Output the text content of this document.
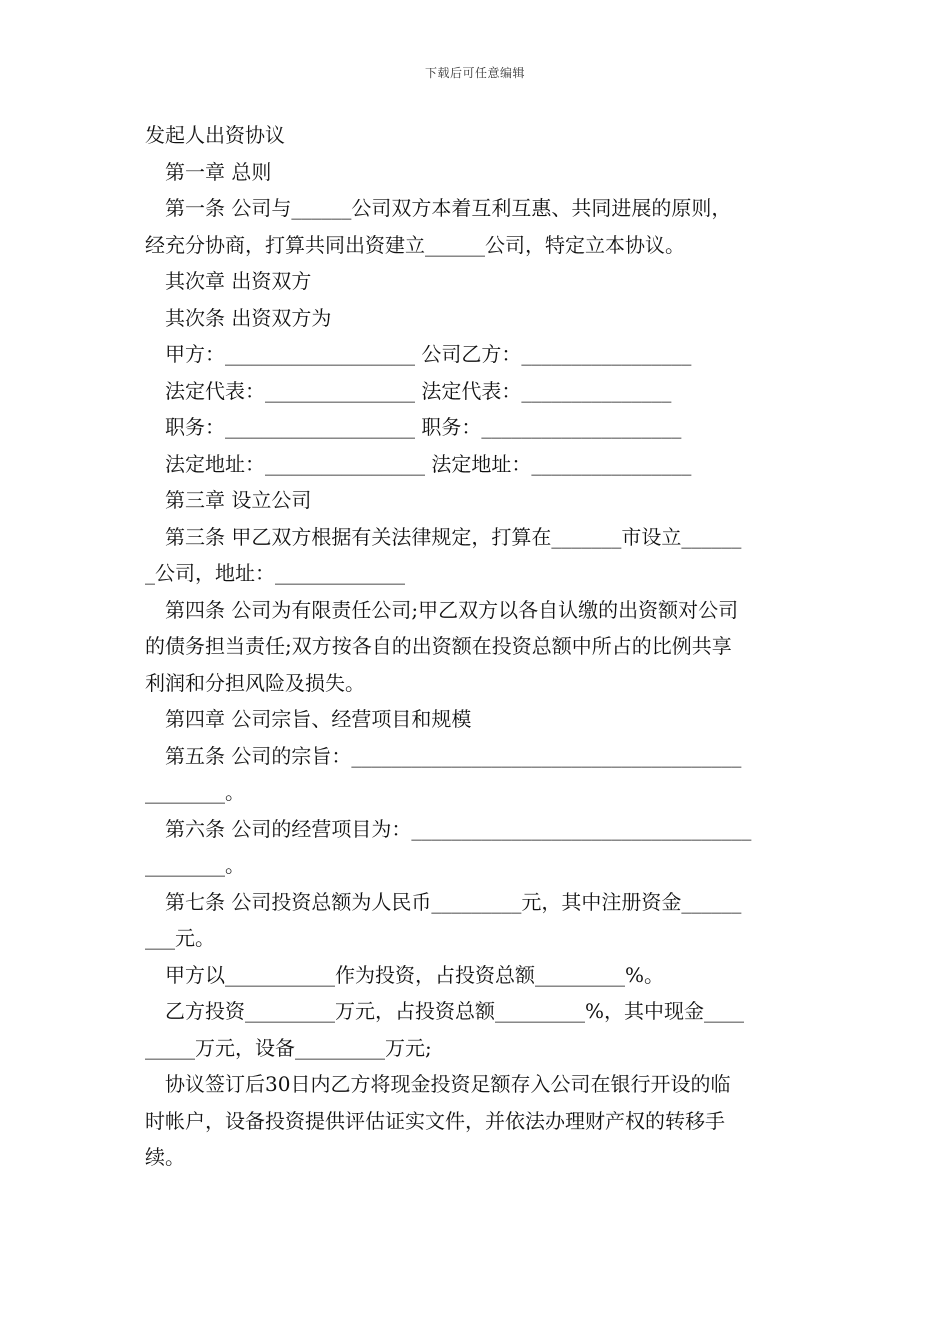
下载后可任意编辑
发起人出资协议
第一章 总则
第一条 公司与______公司双方本着互利互惠、共同进展的原则，
经充分协商，打算共同出资建立______公司，特定立本协议。
其次章 出资双方
其次条 出资双方为
甲方：___________________ 公司乙方：_________________
法定代表：_______________ 法定代表：_______________
职务：___________________ 职务：____________________
法定地址：________________ 法定地址：________________
第三章 设立公司
第三条 甲乙双方根据有关法律规定，打算在_______市设立______
_公司，地址：_____________
第四条 公司为有限责任公司;甲乙双方以各自认缴的出资额对公司
的债务担当责任;双方按各自的出资额在投资总额中所占的比例共享
利润和分担风险及损失。
第四章 公司宗旨、经营项目和规模
第五条 公司的宗旨：_______________________________________
________。
第六条 公司的经营项目为：__________________________________
________。
第七条 公司投资总额为人民币_________元，其中注册资金______
___元。
甲方以___________作为投资，占投资总额_________%。
乙方投资_________万元，占投资总额_________%，其中现金____
_____万元，设备_________万元;
协议签订后30日内乙方将现金投资足额存入公司在银行开设的临
时帐户，设备投资提供评估证实文件，并依法办理财产权的转移手
续。
